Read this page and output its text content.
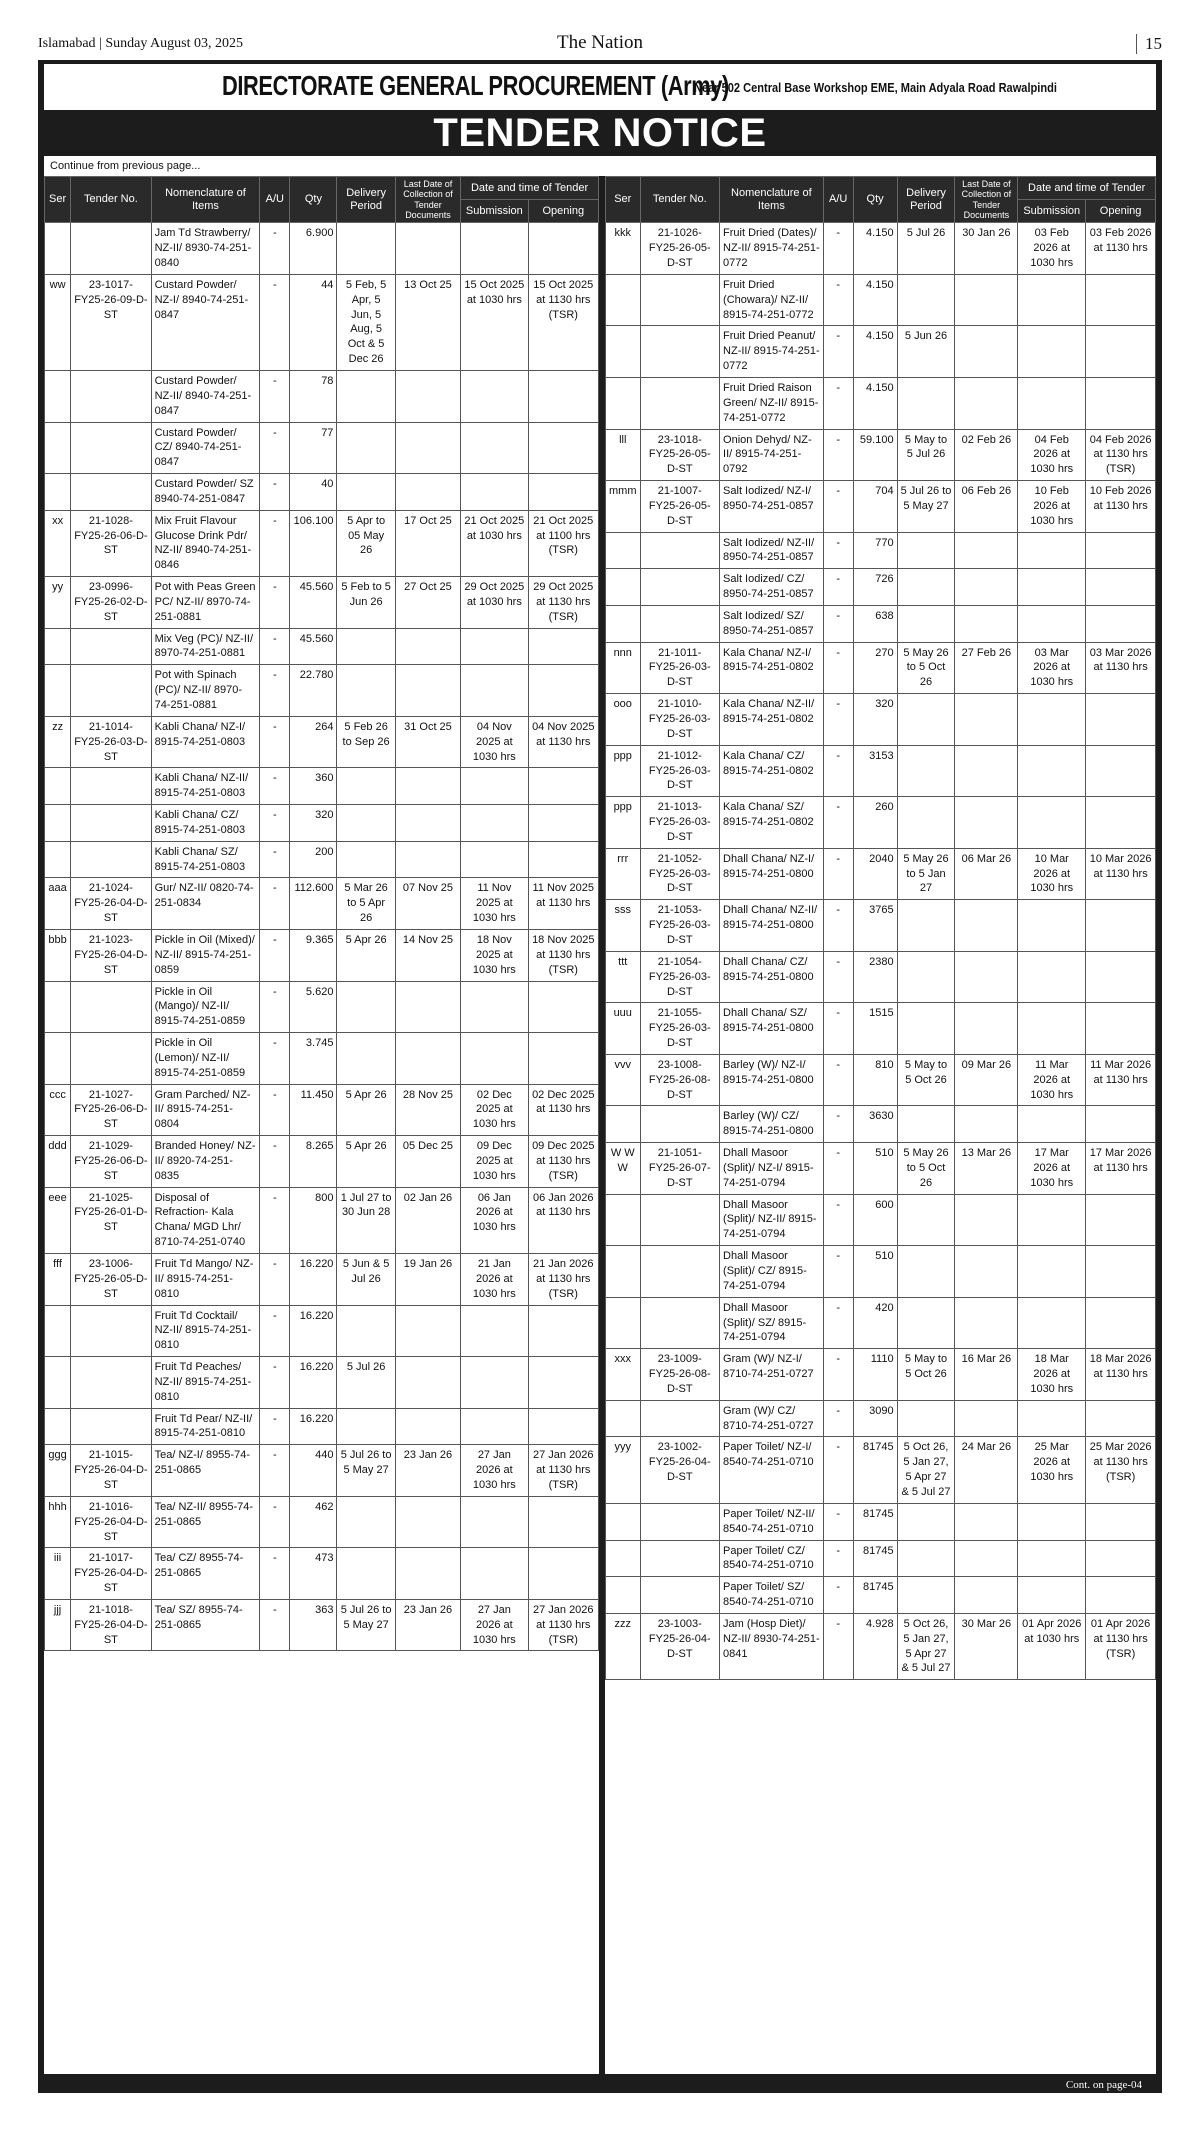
Islamabad | Sunday August 03, 2025	The Nation	15
DIRECTORATE GENERAL PROCUREMENT (Army) Near 502 Central Base Workshop EME, Main Adyala Road Rawalpindi
TENDER NOTICE
Continue from previous page...
Ser	Tender No.	Nomenclature of Items	A/U	Qty	Delivery Period	Last Date of Collection of Tender Documents	Date and time of Tender	
							Submission	Opening
		Jam Td Strawberry/ NZ-II/ 8930-74-251-0840	-	6.900				
ww	23-1017-FY25-26-09-D-ST	Custard Powder/ NZ-I/ 8940-74-251-0847	-	44	5 Feb, 5 Apr, 5 Jun, 5 Aug, 5 Oct & 5 Dec 26	13 Oct 25	15 Oct 2025 at 1030 hrs	15 Oct 2025 at 1130 hrs (TSR)
		Custard Powder/ NZ-II/ 8940-74-251-0847	-	78				
		Custard Powder/ CZ/ 8940-74-251-0847	-	77				
		Custard Powder/ SZ 8940-74-251-0847	-	40				
xx	21-1028-FY25-26-06-D-ST	Mix Fruit Flavour Glucose Drink Pdr/ NZ-II/ 8940-74-251-0846	-	106.100	5 Apr to 05 May 26	17 Oct 25	21 Oct 2025 at 1030 hrs	21 Oct 2025 at 1100 hrs (TSR)
yy	23-0996-FY25-26-02-D-ST	Pot with Peas Green PC/ NZ-II/ 8970-74-251-0881	-	45.560	5 Feb to 5 Jun 26	27 Oct 25	29 Oct 2025 at 1030 hrs	29 Oct 2025 at 1130 hrs (TSR)
		Mix Veg (PC)/ NZ-II/ 8970-74-251-0881	-	45.560				
		Pot with Spinach (PC)/ NZ-II/ 8970-74-251-0881	-	22.780				
zz	21-1014-FY25-26-03-D-ST	Kabli Chana/ NZ-I/ 8915-74-251-0803	-	264	5 Feb 26 to Sep 26	31 Oct 25	04 Nov 2025 at 1030 hrs	04 Nov 2025 at 1130 hrs
		Kabli Chana/ NZ-II/ 8915-74-251-0803	-	360				
		Kabli Chana/ CZ/ 8915-74-251-0803	-	320				
		Kabli Chana/ SZ/ 8915-74-251-0803	-	200				
aaa	21-1024-FY25-26-04-D-ST	Gur/ NZ-II/ 0820-74-251-0834	-	112.600	5 Mar 26 to 5 Apr 26	07 Nov 25	11 Nov 2025 at 1030 hrs	11 Nov 2025 at 1130 hrs
bbb	21-1023-FY25-26-04-D-ST	Pickle in Oil (Mixed)/ NZ-II/ 8915-74-251-0859	-	9.365	5 Apr 26	14 Nov 25	18 Nov 2025 at 1030 hrs	18 Nov 2025 at 1130 hrs (TSR)
		Pickle in Oil (Mango)/ NZ-II/ 8915-74-251-0859	-	5.620				
		Pickle in Oil (Lemon)/ NZ-II/ 8915-74-251-0859	-	3.745				
ccc	21-1027-FY25-26-06-D-ST	Gram Parched/ NZ-II/ 8915-74-251-0804	-	11.450	5 Apr 26	28 Nov 25	02 Dec 2025 at 1030 hrs	02 Dec 2025 at 1130 hrs
ddd	21-1029-FY25-26-06-D-ST	Branded Honey/ NZ-II/ 8920-74-251-0835	-	8.265	5 Apr 26	05 Dec 25	09 Dec 2025 at 1030 hrs	09 Dec 2025 at 1130 hrs (TSR)
eee	21-1025-FY25-26-01-D-ST	Disposal of Refraction- Kala Chana/ MGD Lhr/ 8710-74-251-0740	-	800	1 Jul 27 to 30 Jun 28	02 Jan 26	06 Jan 2026 at 1030 hrs	06 Jan 2026 at 1130 hrs
fff	23-1006-FY25-26-05-D-ST	Fruit Td Mango/ NZ-II/ 8915-74-251-0810	-	16.220	5 Jun & 5 Jul 26	19 Jan 26	21 Jan 2026 at 1030 hrs	21 Jan 2026 at 1130 hrs (TSR)
		Fruit Td Cocktail/ NZ-II/ 8915-74-251-0810	-	16.220				
		Fruit Td Peaches/ NZ-II/ 8915-74-251-0810	-	16.220	5 Jul 26			
		Fruit Td Pear/ NZ-II/ 8915-74-251-0810	-	16.220				
ggg	21-1015-FY25-26-04-D-ST	Tea/ NZ-I/ 8955-74-251-0865	-	440	5 Jul 26 to 5 May 27	23 Jan 26	27 Jan 2026 at 1030 hrs	27 Jan 2026 at 1130 hrs (TSR)
hhh	21-1016-FY25-26-04-D-ST	Tea/ NZ-II/ 8955-74-251-0865	-	462				
iii	21-1017-FY25-26-04-D-ST	Tea/ CZ/ 8955-74-251-0865	-	473				
jjj	21-1018-FY25-26-04-D-ST	Tea/ SZ/ 8955-74-251-0865	-	363	5 Jul 26 to 5 May 27	23 Jan 26	27 Jan 2026 at 1030 hrs	27 Jan 2026 at 1130 hrs (TSR)
Ser	Tender No.	Nomenclature of Items	A/U	Qty	Delivery Period	Last Date of Collection of Tender Documents	Date and time of Tender	
							Submission	Opening
kkk	21-1026-FY25-26-05-D-ST	Fruit Dried (Dates)/ NZ-II/ 8915-74-251-0772	-	4.150	5 Jul 26	30 Jan 26	03 Feb 2026 at 1030 hrs	03 Feb 2026 at 1130 hrs
		Fruit Dried (Chowara)/ NZ-II/ 8915-74-251-0772	-	4.150				
		Fruit Dried Peanut/ NZ-II/ 8915-74-251-0772	-	4.150	5 Jun 26			
		Fruit Dried Raison Green/ NZ-II/ 8915-74-251-0772	-	4.150				
lll	23-1018-FY25-26-05-D-ST	Onion Dehyd/ NZ-II/ 8915-74-251-0792	-	59.100	5 May to 5 Jul 26	02 Feb 26	04 Feb 2026 at 1030 hrs	04 Feb 2026 at 1130 hrs (TSR)
mmm	21-1007-FY25-26-05-D-ST	Salt Iodized/ NZ-I/ 8950-74-251-0857	-	704	5 Jul 26 to 5 May 27	06 Feb 26	10 Feb 2026 at 1030 hrs	10 Feb 2026 at 1130 hrs
		Salt Iodized/ NZ-II/ 8950-74-251-0857	-	770				
		Salt Iodized/ CZ/ 8950-74-251-0857	-	726				
		Salt Iodized/ SZ/ 8950-74-251-0857	-	638				
nnn	21-1011-FY25-26-03-D-ST	Kala Chana/ NZ-I/ 8915-74-251-0802	-	270	5 May 26 to 5 Oct 26	27 Feb 26	03 Mar 2026 at 1030 hrs	03 Mar 2026 at 1130 hrs
ooo	21-1010-FY25-26-03-D-ST	Kala Chana/ NZ-II/ 8915-74-251-0802	-	320				
ppp	21-1012-FY25-26-03-D-ST	Kala Chana/ CZ/ 8915-74-251-0802	-	3153				
ppp	21-1013-FY25-26-03-D-ST	Kala Chana/ SZ/ 8915-74-251-0802	-	260				
rrr	21-1052-FY25-26-03-D-ST	Dhall Chana/ NZ-I/ 8915-74-251-0800	-	2040	5 May 26 to 5 Jan 27	06 Mar 26	10 Mar 2026 at 1030 hrs	10 Mar 2026 at 1130 hrs
sss	21-1053-FY25-26-03-D-ST	Dhall Chana/ NZ-II/ 8915-74-251-0800	-	3765				
ttt	21-1054-FY25-26-03-D-ST	Dhall Chana/ CZ/ 8915-74-251-0800	-	2380				
uuu	21-1055-FY25-26-03-D-ST	Dhall Chana/ SZ/ 8915-74-251-0800	-	1515				
vvv	23-1008-FY25-26-08-D-ST	Barley (W)/ NZ-I/ 8915-74-251-0800	-	810	5 May to 5 Oct 26	09 Mar 26	11 Mar 2026 at 1030 hrs	11 Mar 2026 at 1130 hrs
		Barley (W)/ CZ/ 8915-74-251-0800	-	3630				
W W W	21-1051-FY25-26-07-D-ST	Dhall Masoor (Split)/ NZ-I/ 8915-74-251-0794	-	510	5 May 26 to 5 Oct 26	13 Mar 26	17 Mar 2026 at 1030 hrs	17 Mar 2026 at 1130 hrs
		Dhall Masoor (Split)/ NZ-II/ 8915-74-251-0794	-	600				
		Dhall Masoor (Split)/ CZ/ 8915-74-251-0794	-	510				
		Dhall Masoor (Split)/ SZ/ 8915-74-251-0794	-	420				
xxx	23-1009-FY25-26-08-D-ST	Gram (W)/ NZ-I/ 8710-74-251-0727	-	1110	5 May to 5 Oct 26	16 Mar 26	18 Mar 2026 at 1030 hrs	18 Mar 2026 at 1130 hrs
		Gram (W)/ CZ/ 8710-74-251-0727	-	3090				
yyy	23-1002-FY25-26-04-D-ST	Paper Toilet/ NZ-I/ 8540-74-251-0710	-	81745	5 Oct 26, 5 Jan 27, 5 Apr 27 & 5 Jul 27	24 Mar 26	25 Mar 2026 at 1030 hrs	25 Mar 2026 at 1130 hrs (TSR)
		Paper Toilet/ NZ-II/ 8540-74-251-0710	-	81745				
		Paper Toilet/ CZ/ 8540-74-251-0710	-	81745				
		Paper Toilet/ SZ/ 8540-74-251-0710	-	81745				
zzz	23-1003-FY25-26-04-D-ST	Jam (Hosp Diet)/ NZ-II/ 8930-74-251-0841	-	4.928	5 Oct 26, 5 Jan 27, 5 Apr 27 & 5 Jul 27	30 Mar 26	01 Apr 2026 at 1030 hrs	01 Apr 2026 at 1130 hrs (TSR)
Cont. on page-04
